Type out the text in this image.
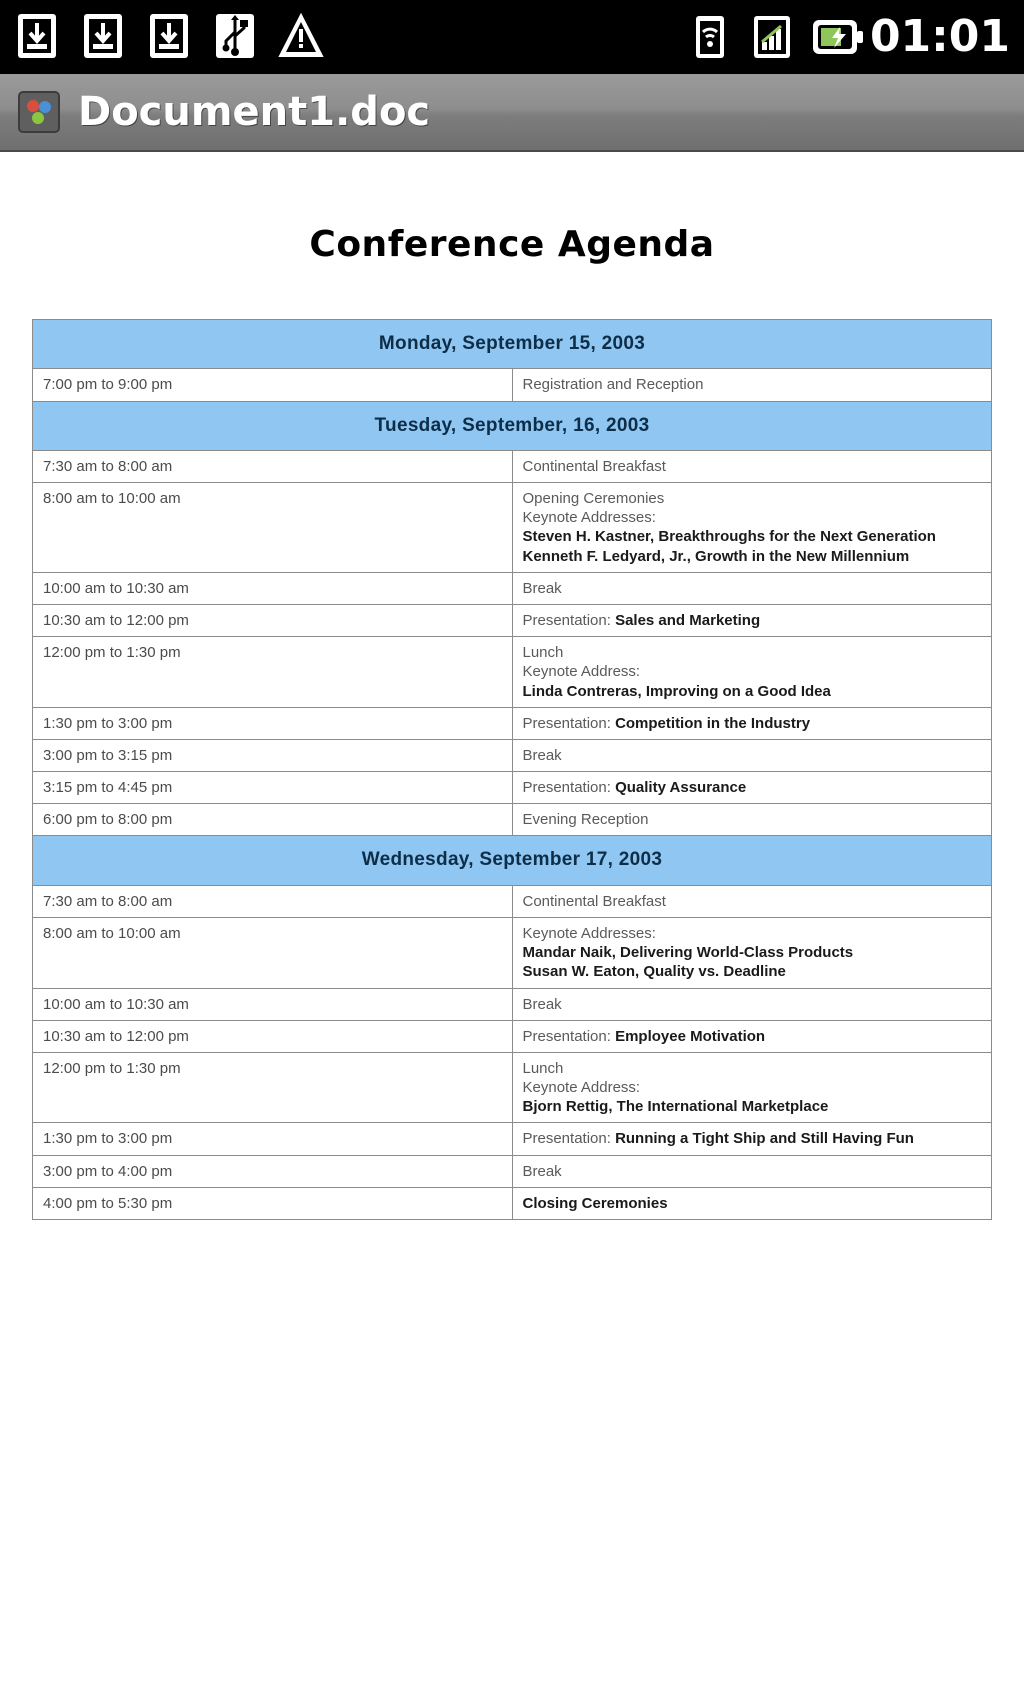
01:01
Document1.doc
Conference Agenda
Monday, September 15, 2003	
7:00 pm to 9:00 pm	Registration and Reception

Tuesday, September, 16, 2003	
7:30 am to 8:00 am	Continental Breakfast

8:00 am to 10:00 am	Opening Ceremonies
Keynote Addresses:
Steven H. Kastner, Breakthroughs for the Next Generation
Kenneth F. Ledyard, Jr., Growth in the New Millennium

10:00 am to 10:30 am	Break

10:30 am to 12:00 pm	Presentation: Sales and Marketing

12:00 pm to 1:30 pm	Lunch
Keynote Address:
Linda Contreras, Improving on a Good Idea

1:30 pm to 3:00 pm	Presentation: Competition in the Industry

3:00 pm to 3:15 pm	Break

3:15 pm to 4:45 pm	Presentation: Quality Assurance

6:00 pm to 8:00 pm	Evening Reception

Wednesday, September 17, 2003	
7:30 am to 8:00 am	Continental Breakfast

8:00 am to 10:00 am	Keynote Addresses:
Mandar Naik, Delivering World-Class Products
Susan W. Eaton, Quality vs. Deadline

10:00 am to 10:30 am	Break

10:30 am to 12:00 pm	Presentation: Employee Motivation

12:00 pm to 1:30 pm	Lunch
Keynote Address:
Bjorn Rettig, The International Marketplace

1:30 pm to 3:00 pm	Presentation: Running a Tight Ship and Still Having Fun

3:00 pm to 4:00 pm	Break

4:00 pm to 5:30 pm	Closing Ceremonies
